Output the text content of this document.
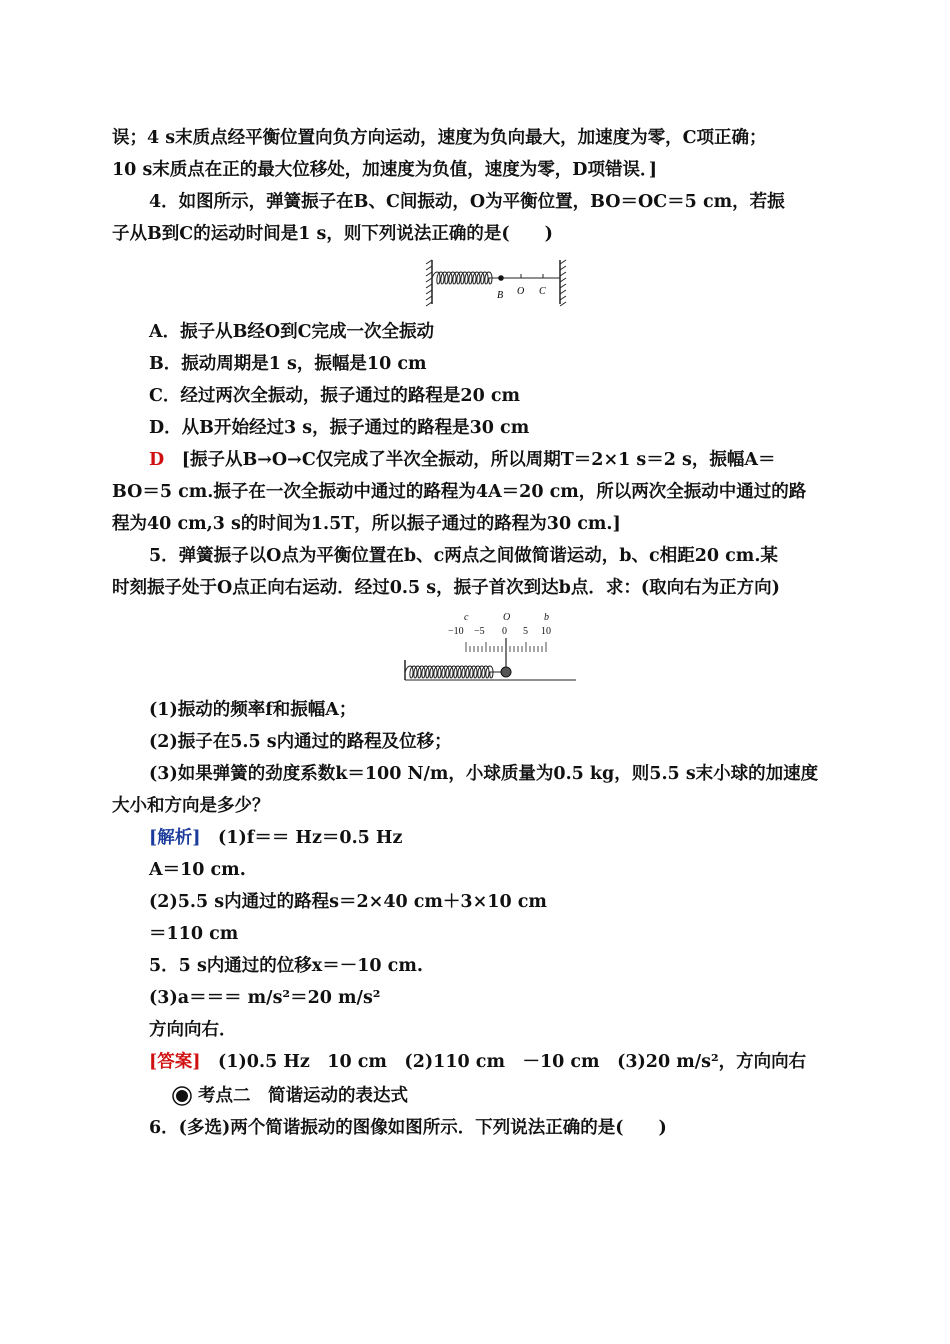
误；4 s末质点经平衡位置向负方向运动，速度为负向最大，加速度为零，C项正确；
10 s末质点在正的最大位移处，加速度为负值，速度为零，D项错误．]
4．如图所示，弹簧振子在B、C间振动，O为平衡位置，BO＝OC＝5 cm，若振
子从B到C的运动时间是1 s，则下列说法正确的是(　　)
B O C
A．振子从B经O到C完成一次全振动
B．振动周期是1 s，振幅是10 cm
C．经过两次全振动，振子通过的路程是20 cm
D．从B开始经过3 s，振子通过的路程是30 cm
D　 [振子从B→O→C仅完成了半次全振动，所以周期T＝2×1 s＝2 s，振幅A＝
BO＝5 cm.振子在一次全振动中通过的路程为4A＝20 cm，所以两次全振动中通过的路
程为40 cm,3 s的时间为1.5T，所以振子通过的路程为30 cm.]
5．弹簧振子以O点为平衡位置在b、c两点之间做简谐运动，b、c相距20 cm.某
时刻振子处于O点正向右运动．经过0.5 s，振子首次到达b点．求：(取向右为正方向)
c	O	b
−10 −5 0 5 10
(1)振动的频率f和振幅A；
(2)振子在5.5 s内通过的路程及位移；
(3)如果弹簧的劲度系数k＝100 N/m，小球质量为0.5 kg，则5.5 s末小球的加速度
大小和方向是多少？
[解析]　(1)f＝＝ Hz＝0.5 Hz
A＝10 cm.
(2)5.5 s内通过的路程s＝2×40 cm＋3×10 cm
＝110 cm
5．5 s内通过的位移x＝－10 cm.
(3)a＝＝＝ m/s²＝20 m/s²
方向向右．
[答案]　(1)0.5 Hz　10 cm　(2)110 cm　－10 cm　(3)20 m/s²，方向向右
考点二　简谐运动的表达式
6．(多选)两个简谐振动的图像如图所示．下列说法正确的是(　　)
